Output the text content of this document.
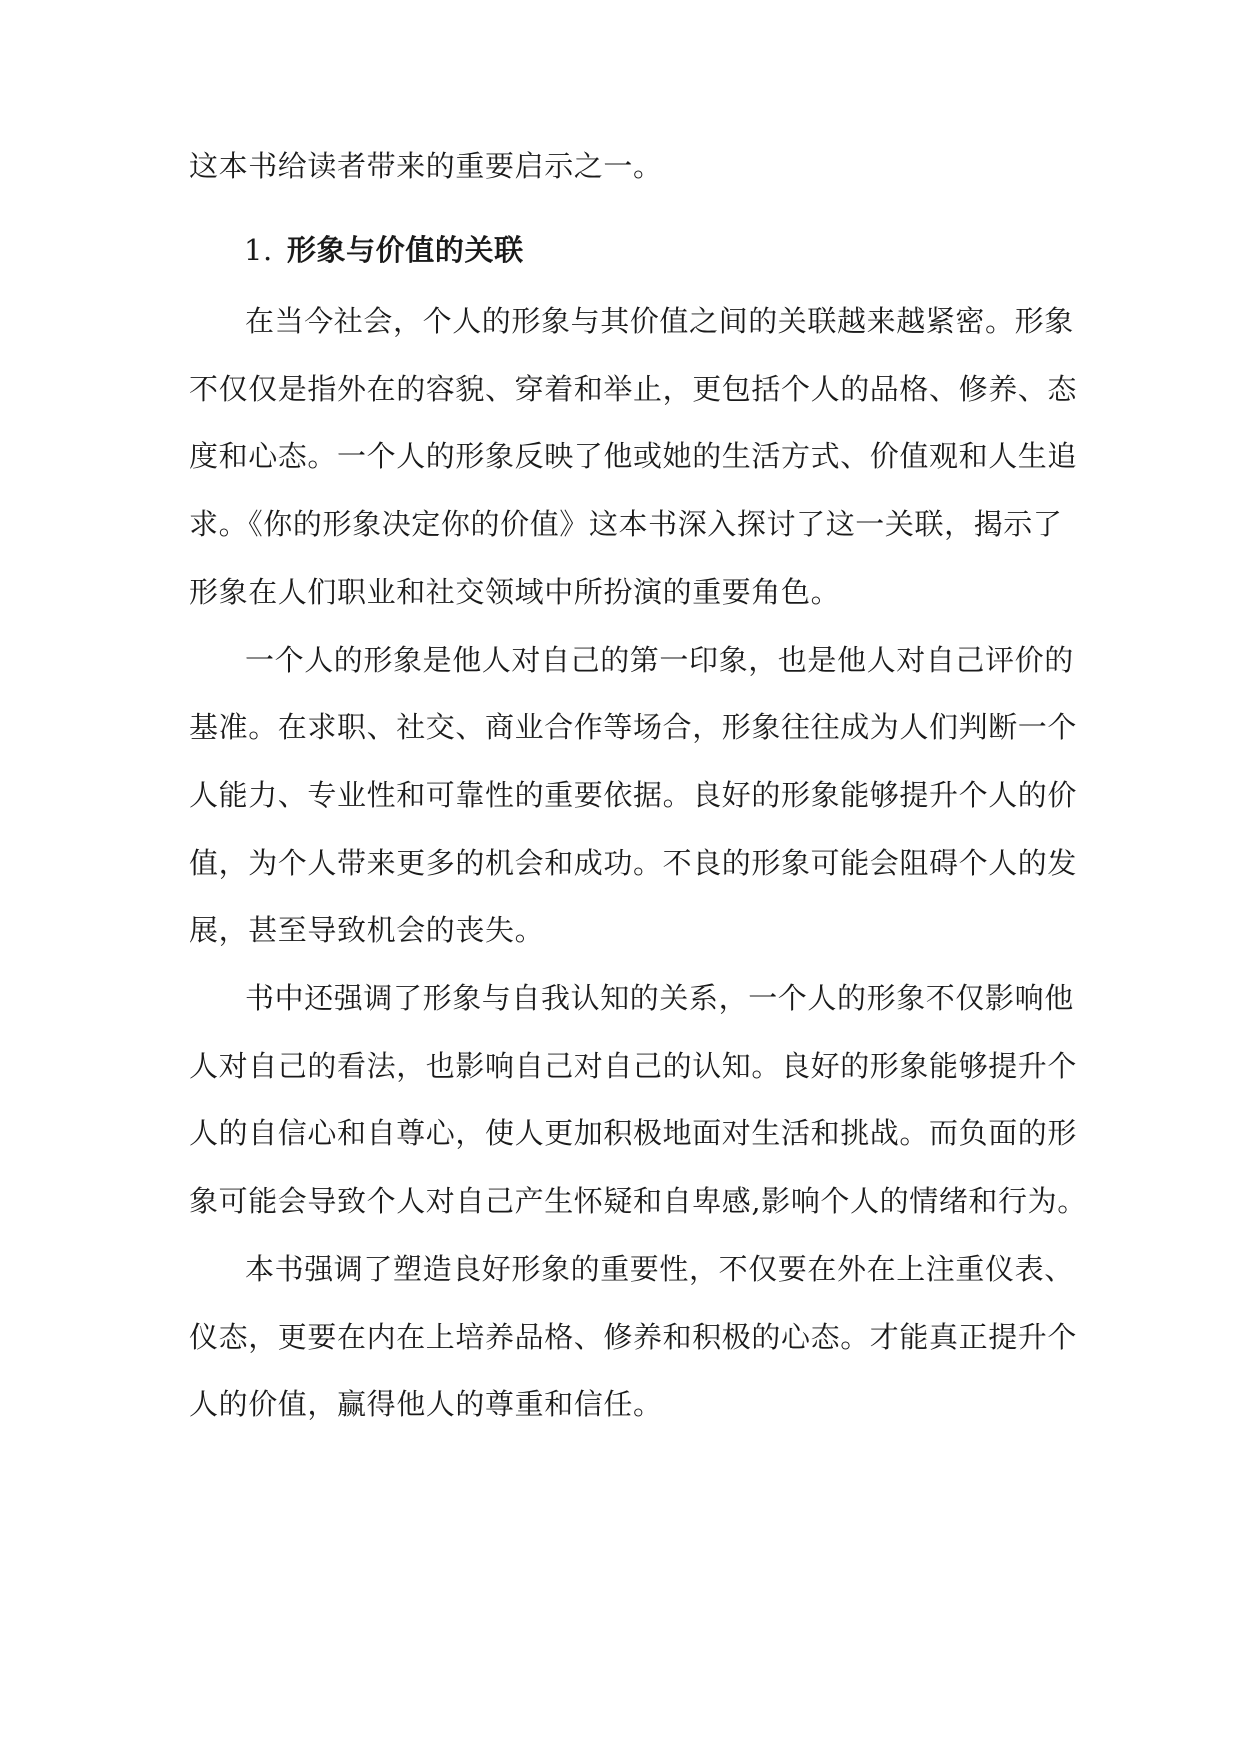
这本书给读者带来的重要启示之一。
1. 形象与价值的关联
在当今社会，个人的形象与其价值之间的关联越来越紧密。形象
不仅仅是指外在的容貌、穿着和举止，更包括个人的品格、修养、态
度和心态。一个人的形象反映了他或她的生活方式、价值观和人生追
求。《你的形象决定你的价值》这本书深入探讨了这一关联，揭示了
形象在人们职业和社交领域中所扮演的重要角色。
一个人的形象是他人对自己的第一印象，也是他人对自己评价的
基准。在求职、社交、商业合作等场合，形象往往成为人们判断一个
人能力、专业性和可靠性的重要依据。良好的形象能够提升个人的价
值，为个人带来更多的机会和成功。不良的形象可能会阻碍个人的发
展，甚至导致机会的丧失。
书中还强调了形象与自我认知的关系，一个人的形象不仅影响他
人对自己的看法，也影响自己对自己的认知。良好的形象能够提升个
人的自信心和自尊心，使人更加积极地面对生活和挑战。而负面的形
象可能会导致个人对自己产生怀疑和自卑感,影响个人的情绪和行为。
本书强调了塑造良好形象的重要性，不仅要在外在上注重仪表、
仪态，更要在内在上培养品格、修养和积极的心态。才能真正提升个
人的价值，赢得他人的尊重和信任。
